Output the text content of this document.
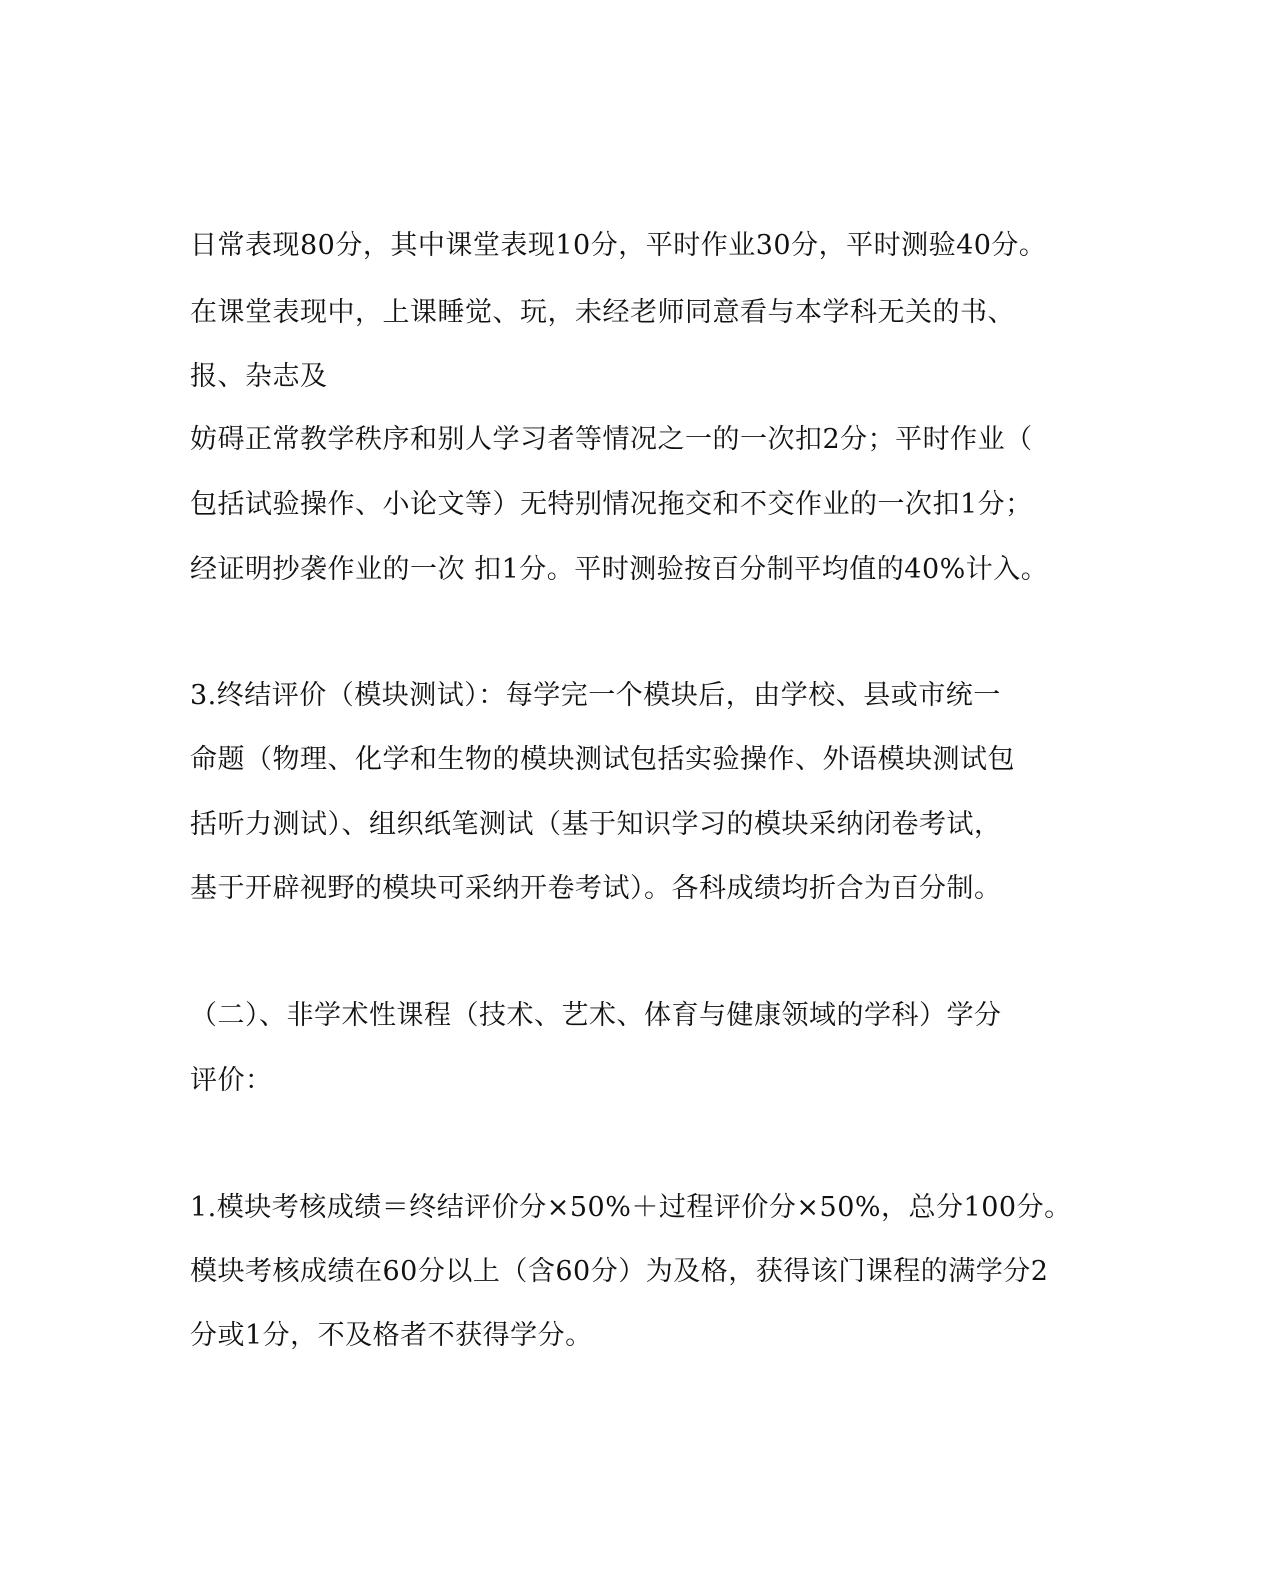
日常表现80分，其中课堂表现10分，平时作业30分，平时测验40分。
在课堂表现中，上课睡觉、玩，未经老师同意看与本学科无关的书、
报、杂志及
妨碍正常教学秩序和别人学习者等情况之一的一次扣2分；平时作业（
包括试验操作、小论文等）无特别情况拖交和不交作业的一次扣1分；
经证明抄袭作业的一次 扣1分。平时测验按百分制平均值的40%计入。
3.终结评价（模块测试）：每学完一个模块后，由学校、县或市统一
命题（物理、化学和生物的模块测试包括实验操作、外语模块测试包
括听力测试）、组织纸笔测试（基于知识学习的模块采纳闭卷考试，
基于开辟视野的模块可采纳开卷考试）。各科成绩均折合为百分制。
（二）、非学术性课程（技术、艺术、体育与健康领域的学科）学分
评价：
1.模块考核成绩＝终结评价分×50%＋过程评价分×50%，总分100分。
模块考核成绩在60分以上（含60分）为及格，获得该门课程的满学分2
分或1分，不及格者不获得学分。
